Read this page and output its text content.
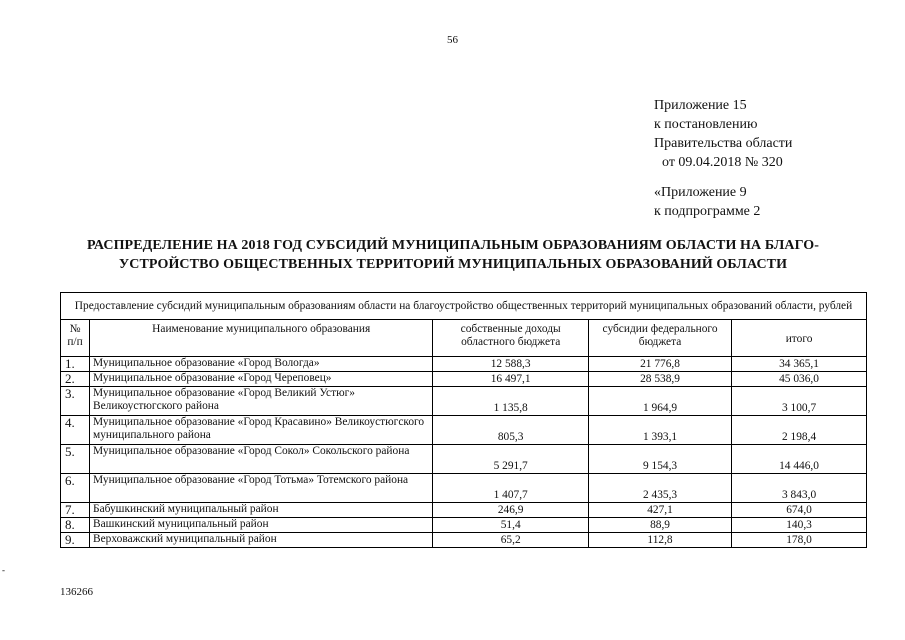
56
Приложение 15
к постановлению
Правительства области
от 09.04.2018 № 320
«Приложение 9
к подпрограмме 2
РАСПРЕДЕЛЕНИЕ НА 2018 ГОД СУБСИДИЙ МУНИЦИПАЛЬНЫМ ОБРАЗОВАНИЯМ ОБЛАСТИ НА БЛАГО-
УСТРОЙСТВО ОБЩЕСТВЕННЫХ ТЕРРИТОРИЙ МУНИЦИПАЛЬНЫХ ОБРАЗОВАНИЙ ОБЛАСТИ
Предоставление субсидий муниципальным образованиям области на благоустройство общественных территорий муниципальных образований области, рублей				
№ п/п	Наименование муниципального образования	собственные доходы областного бюджета	субсидии федерального бюджета	итого
1.	Муниципальное образование «Город Вологда»	12 588,3	21 776,8	34 365,1
2.	Муниципальное образование «Город Череповец»	16 497,1	28 538,9	45 036,0
3.	Муниципальное образование «Город Великий Устюг» Великоустюгского района	1 135,8	1 964,9	3 100,7
4.	Муниципальное образование «Город Красавино» Великоустюгского муниципального района	805,3	1 393,1	2 198,4
5.	Муниципальное образование «Город Сокол» Сокольского района	5 291,7	9 154,3	14 446,0
6.	Муниципальное образование «Город Тотьма» Тотемского района	1 407,7	2 435,3	3 843,0
7.	Бабушкинский муниципальный район	246,9	427,1	674,0
8.	Вашкинский муниципальный район	51,4	88,9	140,3
9.	Верховажский муниципальный район	65,2	112,8	178,0
-
136266
